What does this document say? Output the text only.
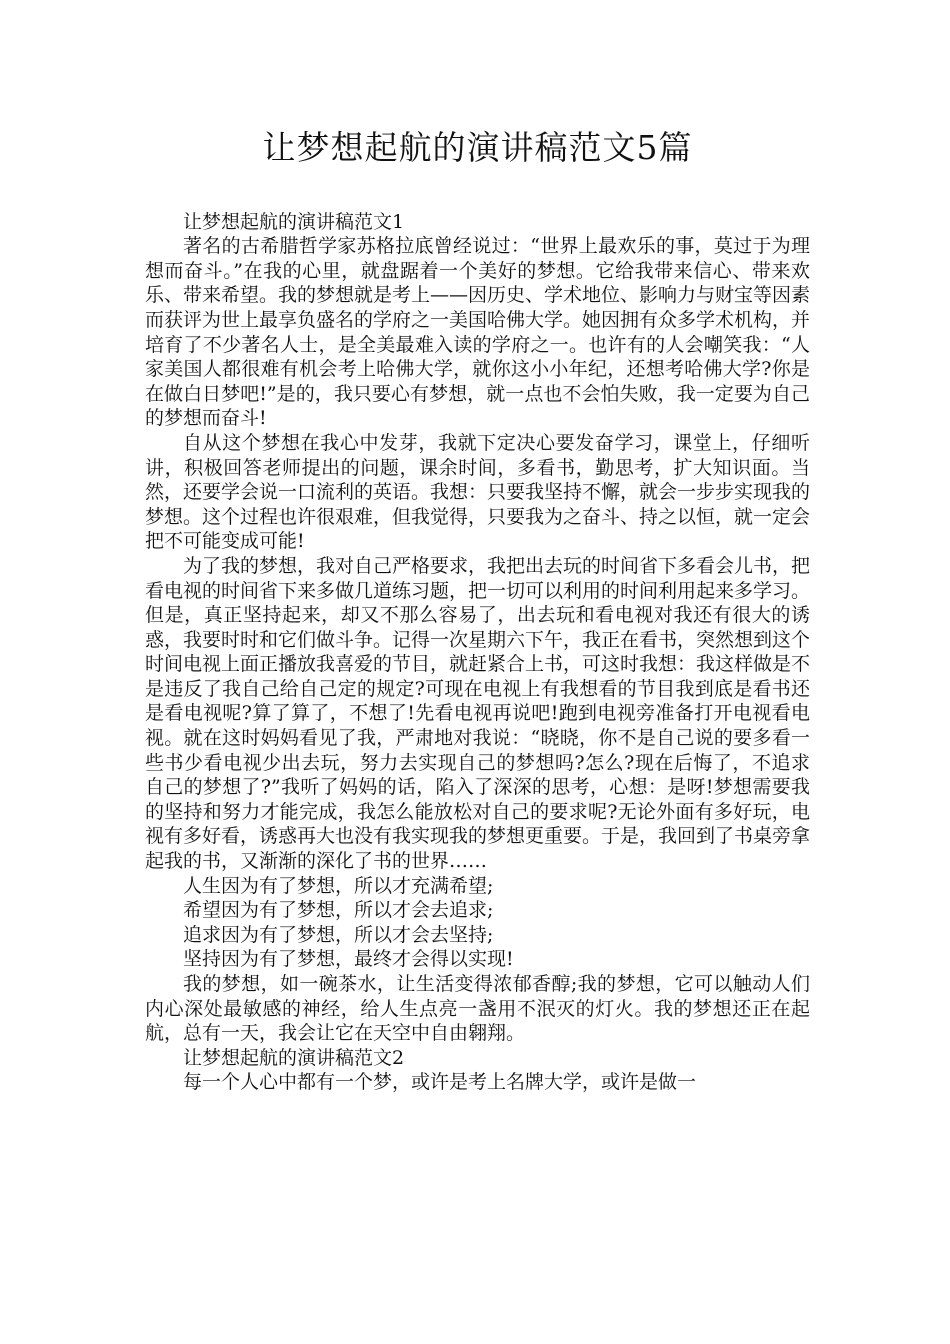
让梦想起航的演讲稿范文5篇

让梦想起航的演讲稿范文1

著名的古希腊哲学家苏格拉底曾经说过：“世界上最欢乐的事，莫过于为理想而奋斗。”在我的心里，就盘踞着一个美好的梦想。它给我带来信心、带来欢乐、带来希望。我的梦想就是考上——因历史、学术地位、影响力与财宝等因素而获评为世上最享负盛名的学府之一美国哈佛大学。她因拥有众多学术机构，并培育了不少著名人士，是全美最难入读的学府之一。也许有的人会嘲笑我：“人家美国人都很难有机会考上哈佛大学，就你这小小年纪，还想考哈佛大学?你是在做白日梦吧!”是的，我只要心有梦想，就一点也不会怕失败，我一定要为自己的梦想而奋斗!

自从这个梦想在我心中发芽，我就下定决心要发奋学习，课堂上，仔细听讲，积极回答老师提出的问题，课余时间，多看书，勤思考，扩大知识面。当然，还要学会说一口流利的英语。我想：只要我坚持不懈，就会一步步实现我的梦想。这个过程也许很艰难，但我觉得，只要我为之奋斗、持之以恒，就一定会把不可能变成可能!

为了我的梦想，我对自己严格要求，我把出去玩的时间省下多看会儿书，把看电视的时间省下来多做几道练习题，把一切可以利用的时间利用起来多学习。但是，真正坚持起来，却又不那么容易了，出去玩和看电视对我还有很大的诱惑，我要时时和它们做斗争。记得一次星期六下午，我正在看书，突然想到这个时间电视上面正播放我喜爱的节目，就赶紧合上书，可这时我想：我这样做是不是违反了我自己给自己定的规定?可现在电视上有我想看的节目我到底是看书还是看电视呢?算了算了，不想了!先看电视再说吧!跑到电视旁准备打开电视看电视。就在这时妈妈看见了我，严肃地对我说：“晓晓，你不是自己说的要多看一些书少看电视少出去玩，努力去实现自己的梦想吗?怎么?现在后悔了，不追求自己的梦想了?”我听了妈妈的话，陷入了深深的思考，心想：是呀!梦想需要我的坚持和努力才能完成，我怎么能放松对自己的要求呢?无论外面有多好玩，电视有多好看，诱惑再大也没有我实现我的梦想更重要。于是，我回到了书桌旁拿起我的书，又渐渐的深化了书的世界……

人生因为有了梦想，所以才充满希望;

希望因为有了梦想，所以才会去追求;

追求因为有了梦想，所以才会去坚持;

坚持因为有了梦想，最终才会得以实现!

我的梦想，如一碗茶水，让生活变得浓郁香醇;我的梦想，它可以触动人们内心深处最敏感的神经，给人生点亮一盏用不泯灭的灯火。我的梦想还正在起航，总有一天，我会让它在天空中自由翱翔。

让梦想起航的演讲稿范文2

每一个人心中都有一个梦，或许是考上名牌大学，或许是做一
